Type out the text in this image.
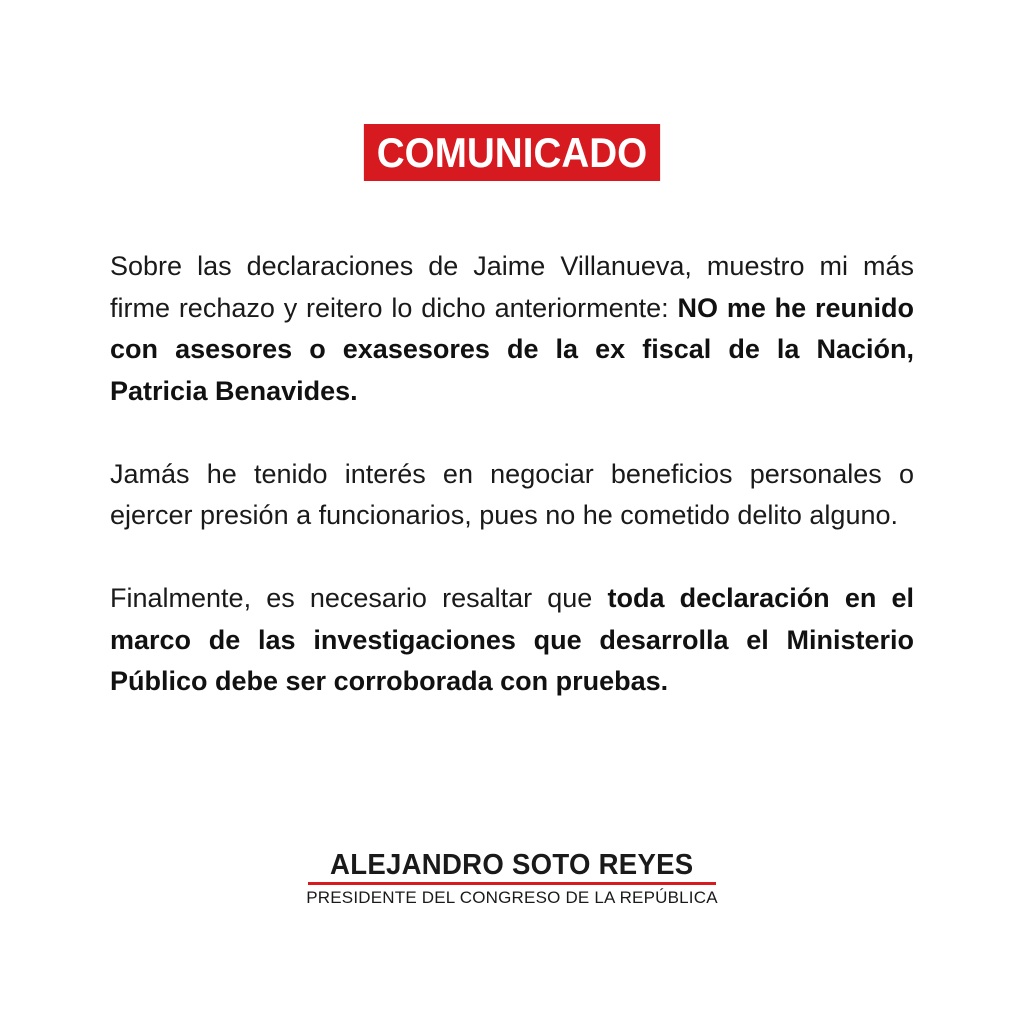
COMUNICADO

Sobre las declaraciones de Jaime Villanueva, muestro mi más firme rechazo y reitero lo dicho anteriormente: NO me he reunido con asesores o exasesores de la ex fiscal de la Nación, Patricia Benavides.

Jamás he tenido interés en negociar beneficios personales o ejercer presión a funcionarios, pues no he cometido delito alguno.

Finalmente, es necesario resaltar que toda declaración en el marco de las investigaciones que desarrolla el Ministerio Público debe ser corroborada con pruebas.

ALEJANDRO SOTO REYES
PRESIDENTE DEL CONGRESO DE LA REPÚBLICA
